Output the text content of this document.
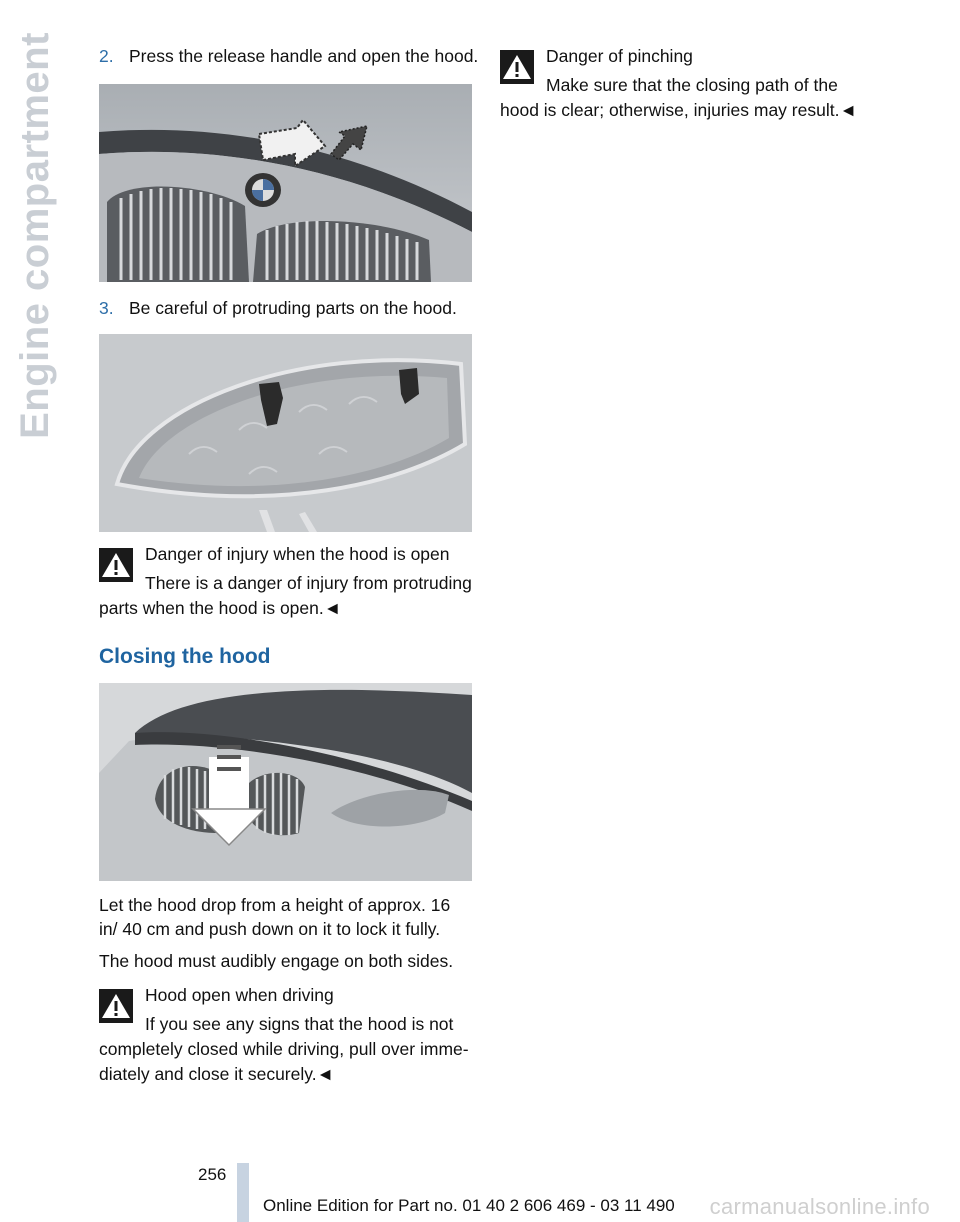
Engine compartment 2. Press the release handle and open the hood.
3. Be careful of protruding parts on the hood.
Danger of injury when the hood is open
There is a danger of injury from protruding parts when the hood is open.◄
Closing the hood

Let the hood drop from a height of approx. 16 in/ 40 cm and push down on it to lock it fully.

The hood must audibly engage on both sides.

Hood open when driving
If you see any signs that the hood is not completely closed while driving, pull over imme-diately and close it securely.◄
Danger of pinching
Make sure that the closing path of the hood is clear; otherwise, injuries may result.◄
256
Online Edition for Part no. 01 40 2 606 469 - 03 11 490 carmanualsonline.info
